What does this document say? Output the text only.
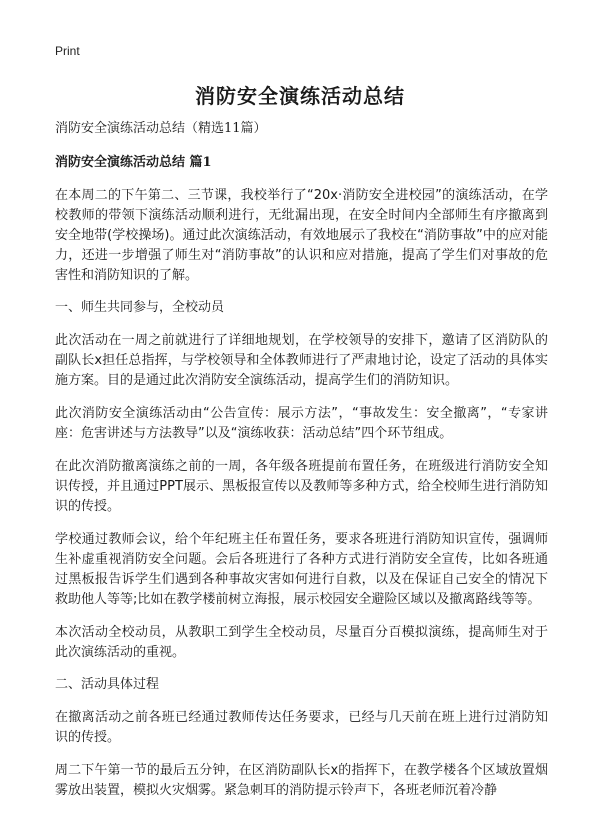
Print
消防安全演练活动总结

消防安全演练活动总结（精选11篇）

消防安全演练活动总结 篇1

在本周二的下午第二、三节课，我校举行了“20x·消防安全进校园”的演练活动，在学校教师的带领下演练活动顺利进行，无纰漏出现，在安全时间内全部师生有序撤离到安全地带(学校操场)。通过此次演练活动，有效地展示了我校在“消防事故”中的应对能力，还进一步增强了师生对“消防事故”的认识和应对措施，提高了学生们对事故的危害性和消防知识的了解。

一、师生共同参与，全校动员

此次活动在一周之前就进行了详细地规划，在学校领导的安排下，邀请了区消防队的副队长x担任总指挥，与学校领导和全体教师进行了严肃地讨论，设定了活动的具体实施方案。目的是通过此次消防安全演练活动，提高学生们的消防知识。

此次消防安全演练活动由“公告宣传：展示方法”，“事故发生：安全撤离”，“专家讲座：危害讲述与方法教导”以及“演练收获：活动总结”四个环节组成。

在此次消防撤离演练之前的一周，各年级各班提前布置任务，在班级进行消防安全知识传授，并且通过PPT展示、黑板报宣传以及教师等多种方式，给全校师生进行消防知识的传授。

学校通过教师会议，给个年纪班主任布置任务，要求各班进行消防知识宣传，强调师生补虚重视消防安全问题。会后各班进行了各种方式进行消防安全宣传，比如各班通过黑板报告诉学生们遇到各种事故灾害如何进行自救，以及在保证自己安全的情况下救助他人等等;比如在教学楼前树立海报，展示校园安全避险区域以及撤离路线等等。

本次活动全校动员，从教职工到学生全校动员，尽量百分百模拟演练，提高师生对于此次演练活动的重视。

二、活动具体过程

在撤离活动之前各班已经通过教师传达任务要求，已经与几天前在班上进行过消防知识的传授。

周二下午第一节的最后五分钟，在区消防副队长x的指挥下，在教学楼各个区域放置烟雾放出装置，模拟火灾烟雾。紧急刺耳的消防提示铃声下，各班老师沉着冷静
